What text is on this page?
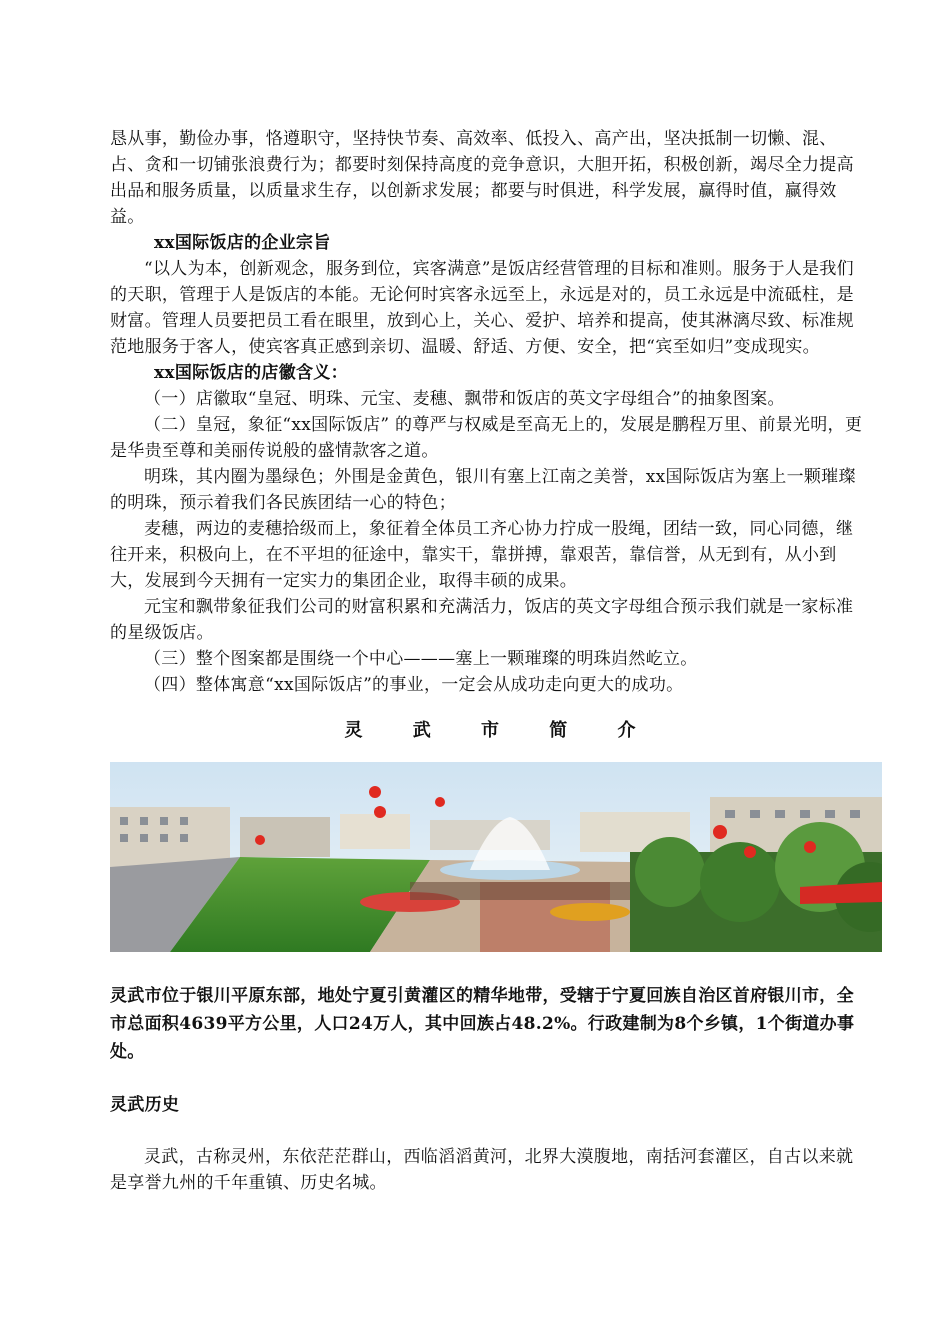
恳从事，勤俭办事，恪遵职守，坚持快节奏、高效率、低投入、高产出，坚决抵制一切懒、混、占、贪和一切铺张浪费行为；都要时刻保持高度的竞争意识，大胆开拓，积极创新，竭尽全力提高出品和服务质量，以质量求生存，以创新求发展；都要与时俱进，科学发展，赢得时值，赢得效益。

xx国际饭店的企业宗旨

“以人为本，创新观念，服务到位，宾客满意”是饭店经营管理的目标和准则。服务于人是我们的天职，管理于人是饭店的本能。无论何时宾客永远至上，永远是对的，员工永远是中流砥柱，是财富。管理人员要把员工看在眼里，放到心上，关心、爱护、培养和提高，使其淋漓尽致、标准规范地服务于客人，使宾客真正感到亲切、温暖、舒适、方便、安全，把“宾至如归”变成现实。

xx国际饭店的店徽含义：

（一）店徽取“皇冠、明珠、元宝、麦穗、飘带和饭店的英文字母组合”的抽象图案。

（二）皇冠，象征“xx国际饭店” 的尊严与权威是至高无上的，发展是鹏程万里、前景光明，更是华贵至尊和美丽传说般的盛情款客之道。

明珠，其内圈为墨绿色；外围是金黄色，银川有塞上江南之美誉，xx国际饭店为塞上一颗璀璨的明珠，预示着我们各民族团结一心的特色；

麦穗，两边的麦穗拾级而上，象征着全体员工齐心协力拧成一股绳，团结一致，同心同德，继往开来，积极向上，在不平坦的征途中，靠实干，靠拼搏，靠艰苦，靠信誉，从无到有，从小到大，发展到今天拥有一定实力的集团企业，取得丰硕的成果。

元宝和飘带象征我们公司的财富积累和充满活力，饭店的英文字母组合预示我们就是一家标准的星级饭店。

（三）整个图案都是围绕一个中心———塞上一颗璀璨的明珠岿然屹立。

（四）整体寓意“xx国际饭店”的事业，一定会从成功走向更大的成功。

灵 武 市 简 介

灵武市位于银川平原东部，地处宁夏引黄灌区的精华地带，受辖于宁夏回族自治区首府银川市，全市总面积4639平方公里，人口24万人，其中回族占48.2%。行政建制为8个乡镇，1个街道办事处。

灵武历史

灵武，古称灵州，东依茫茫群山，西临滔滔黄河，北界大漠腹地，南括河套灌区，自古以来就是享誉九州的千年重镇、历史名城。
